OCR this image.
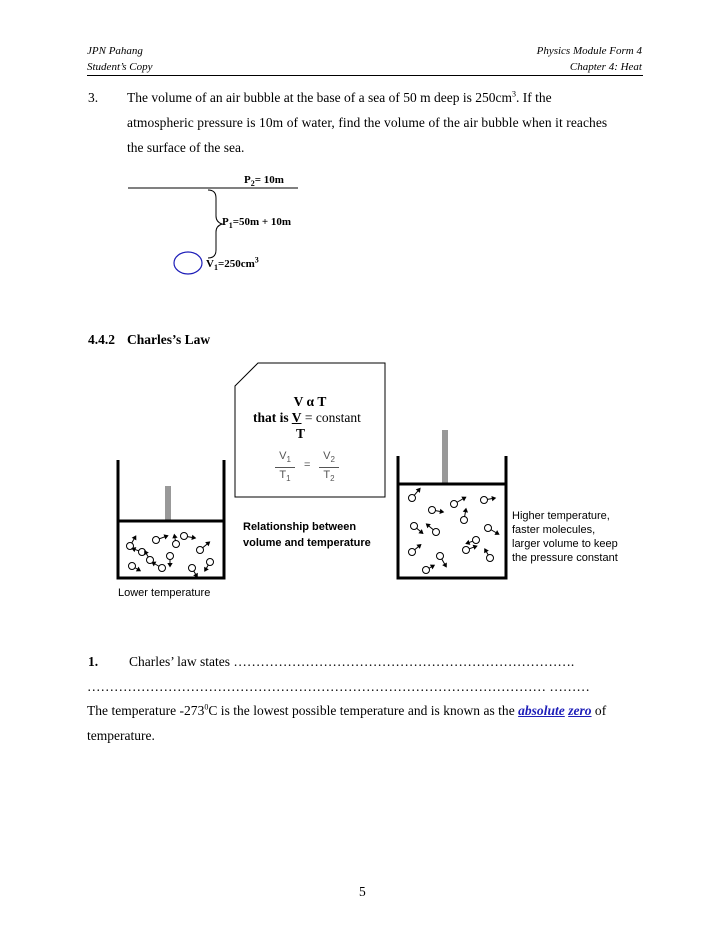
JPN Pahang
Student’s Copy
Physics Module Form 4
Chapter 4: Heat
3. The volume of an air bubble at the base of a sea of 50 m deep is $250cm^3$. If the
atmospheric pressure is 10m of water, find the volume of the air bubble when it reaches
the surface of the sea.
$P_2= 10m$
$P_1=50m + 10m$
$V_1=250cm^3$
4.4.2 Charles’s Law
V α T
that is V = constant
T
$V_1$
$T_1$
=
$V_2$
$T_2$
Lower temperature
Relationship between
volume and temperature
Higher temperature,
faster molecules,
larger volume to keep
the pressure constant
1. Charles’ law states ………………………………………………………………….
………………………………………………………………………………………… ………
The temperature $-273^0C$ is the lowest possible temperature and is known as the absolute zero of
temperature.
5
